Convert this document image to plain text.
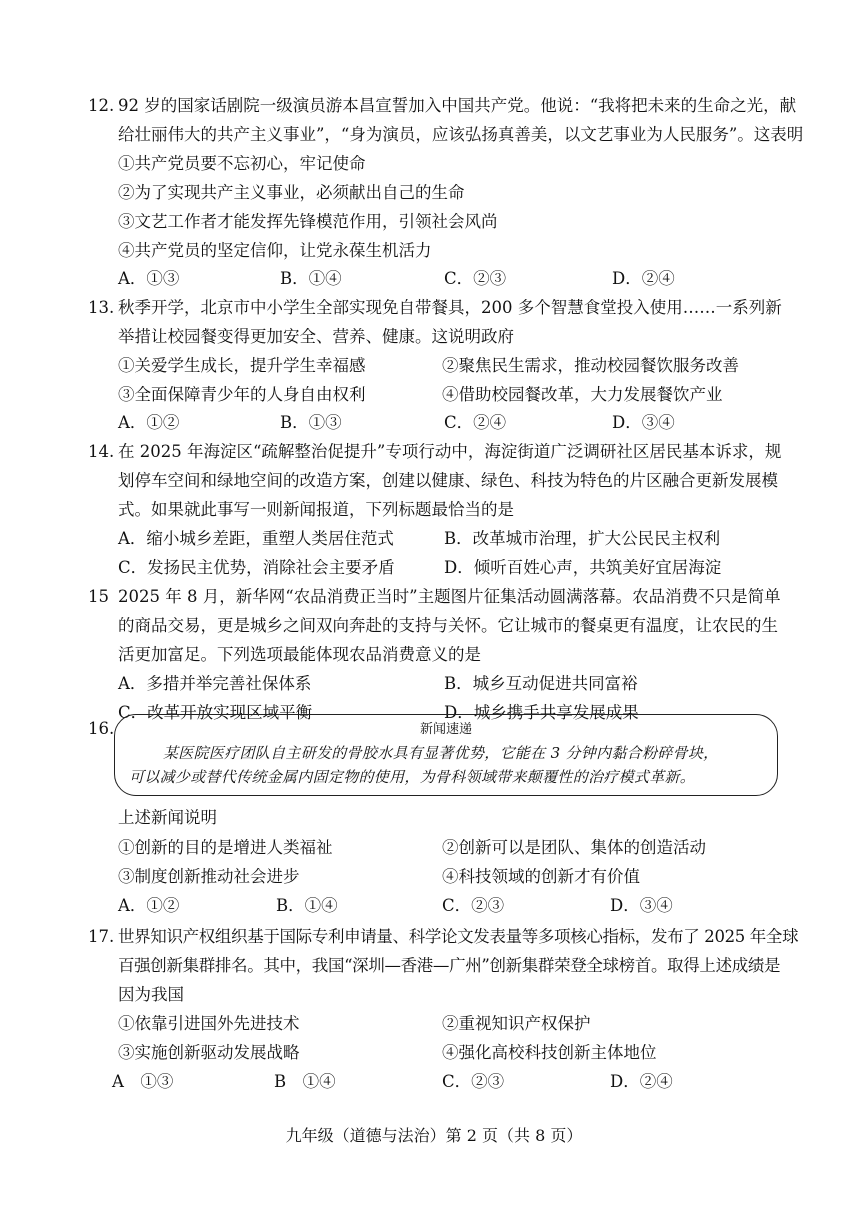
12. 92 岁的国家话剧院一级演员游本昌宣誓加入中国共产党。他说：“我将把未来的生命之光，献
给壮丽伟大的共产主义事业”，“身为演员，应该弘扬真善美，以文艺事业为人民服务”。这表明
①共产党员要不忘初心，牢记使命
②为了实现共产主义事业，必须献出自己的生命
③文艺工作者才能发挥先锋模范作用，引领社会风尚
④共产党员的坚定信仰，让党永葆生机活力
A．①③	B．①④	C．②③	D．②④
13. 秋季开学，北京市中小学生全部实现免自带餐具，200 多个智慧食堂投入使用……一系列新
举措让校园餐变得更加安全、营养、健康。这说明政府
①关爱学生成长，提升学生幸福感	②聚焦民生需求，推动校园餐饮服务改善
③全面保障青少年的人身自由权利	④借助校园餐改革，大力发展餐饮产业
A．①②	B．①③	C．②④	D．③④
14. 在 2025 年海淀区“疏解整治促提升”专项行动中，海淀街道广泛调研社区居民基本诉求，规
划停车空间和绿地空间的改造方案，创建以健康、绿色、科技为特色的片区融合更新发展模
式。如果就此事写一则新闻报道，下列标题最恰当的是
A．缩小城乡差距，重塑人类居住范式	B．改革城市治理，扩大公民民主权利
C．发扬民主优势，消除社会主要矛盾	D．倾听百姓心声，共筑美好宜居海淀
15 2025 年 8 月，新华网“农品消费正当时”主题图片征集活动圆满落幕。农品消费不只是简单
的商品交易，更是城乡之间双向奔赴的支持与关怀。它让城市的餐桌更有温度，让农民的生
活更加富足。下列选项最能体现农品消费意义的是
A．多措并举完善社保体系	B．城乡互动促进共同富裕
C．改革开放实现区域平衡	D．城乡携手共享发展成果
16.	新闻速递
某医院医疗团队自主研发的骨胶水具有显著优势，它能在 3 分钟内黏合粉碎骨块，
可以减少或替代传统金属内固定物的使用，为骨科领域带来颠覆性的治疗模式革新。
上述新闻说明
①创新的目的是增进人类福祉	②创新可以是团队、集体的创造活动
③制度创新推动社会进步	④科技领域的创新才有价值
A．①②	B．①④	C．②③	D．③④
17. 世界知识产权组织基于国际专利申请量、科学论文发表量等多项核心指标，发布了 2025 年全球
百强创新集群排名。其中，我国“深圳—香港—广州”创新集群荣登全球榜首。取得上述成绩是
因为我国
①依靠引进国外先进技术	②重视知识产权保护
③实施创新驱动发展战略	④强化高校科技创新主体地位
A　①③	B　①④	C．②③	D．②④
九年级（道德与法治）第 2 页（共 8 页）
